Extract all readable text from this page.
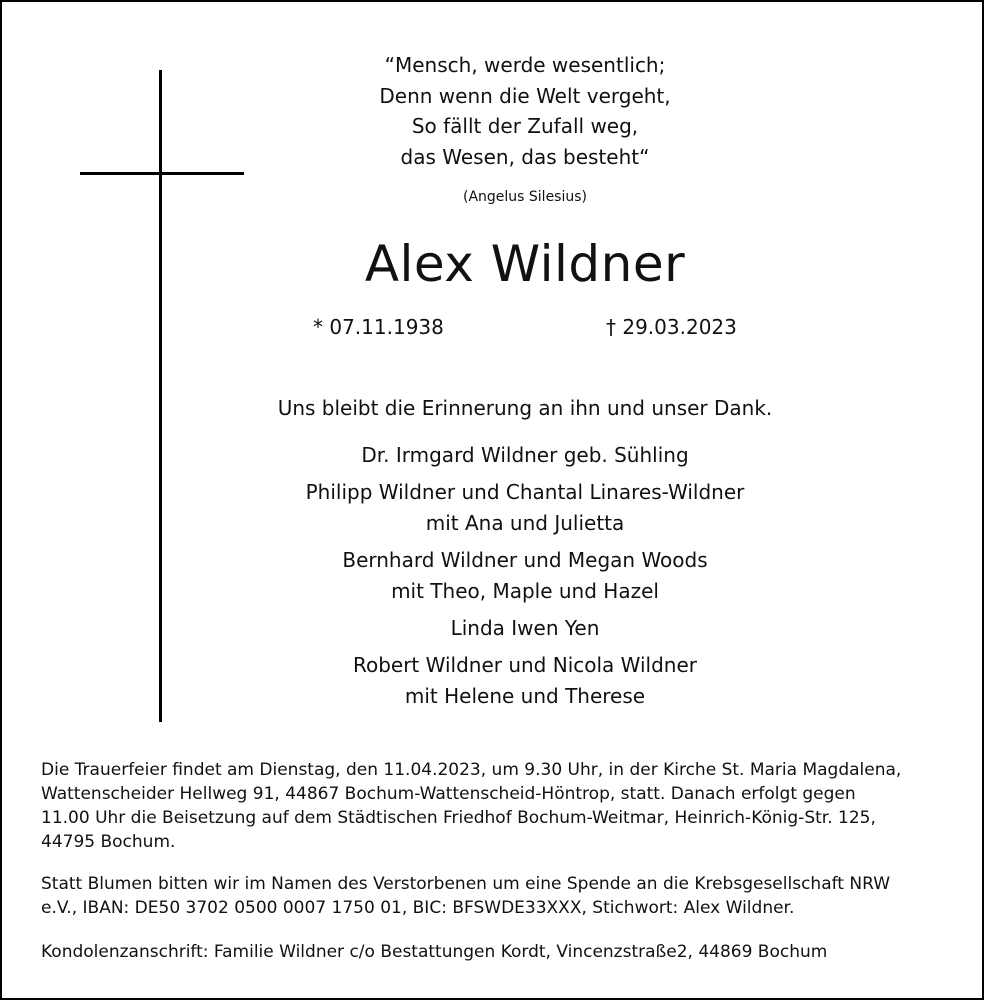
“Mensch, werde wesentlich;
Denn wenn die Welt vergeht,
So fällt der Zufall weg,
das Wesen, das besteht“
(Angelus Silesius)
Alex Wildner
* 07.11.1938	† 29.03.2023
Uns bleibt die Erinnerung an ihn und unser Dank.
Dr. Irmgard Wildner geb. Sühling
Philipp Wildner und Chantal Linares-Wildner
mit Ana und Julietta
Bernhard Wildner und Megan Woods
mit Theo, Maple und Hazel
Linda Iwen Yen
Robert Wildner und Nicola Wildner
mit Helene und Therese
Die Trauerfeier findet am Dienstag, den 11.04.2023, um 9.30 Uhr, in der Kirche St. Maria Magdalena,
Wattenscheider Hellweg 91, 44867 Bochum-Wattenscheid-Höntrop, statt. Danach erfolgt gegen
11.00 Uhr die Beisetzung auf dem Städtischen Friedhof Bochum-Weitmar, Heinrich-König-Str. 125,
44795 Bochum.
Statt Blumen bitten wir im Namen des Verstorbenen um eine Spende an die Krebsgesellschaft NRW
e.V., IBAN: DE50 3702 0500 0007 1750 01, BIC: BFSWDE33XXX, Stichwort: Alex Wildner.
Kondolenzanschrift: Familie Wildner c/o Bestattungen Kordt, Vincenzstraße2, 44869 Bochum
